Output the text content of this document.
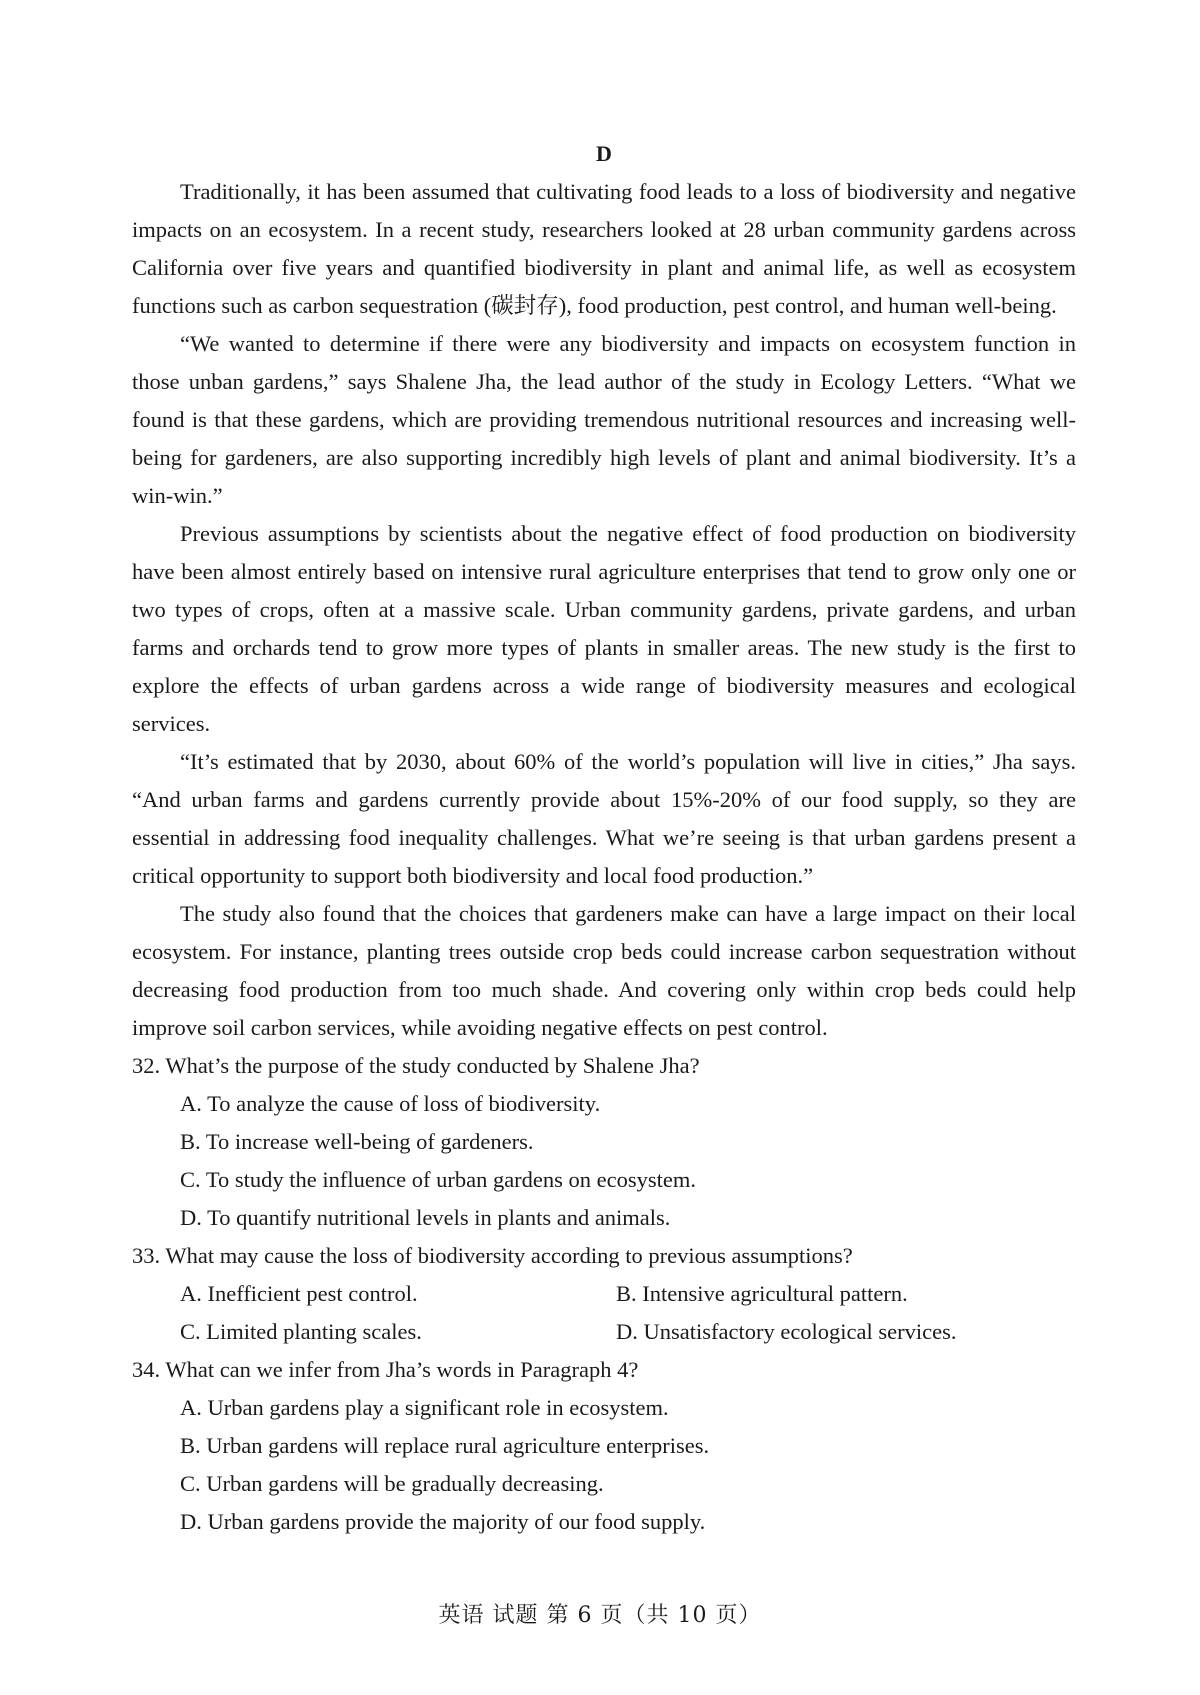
D

Traditionally, it has been assumed that cultivating food leads to a loss of biodiversity and negative impacts on an ecosystem. In a recent study, researchers looked at 28 urban community gardens across California over five years and quantified biodiversity in plant and animal life, as well as ecosystem functions such as carbon sequestration (碳封存), food production, pest control, and human well-being.

“We wanted to determine if there were any biodiversity and impacts on ecosystem function in those unban gardens,” says Shalene Jha, the lead author of the study in Ecology Letters. “What we found is that these gardens, which are providing tremendous nutritional resources and increasing well-being for gardeners, are also supporting incredibly high levels of plant and animal biodiversity. It’s a win-win.”

Previous assumptions by scientists about the negative effect of food production on biodiversity have been almost entirely based on intensive rural agriculture enterprises that tend to grow only one or two types of crops, often at a massive scale. Urban community gardens, private gardens, and urban farms and orchards tend to grow more types of plants in smaller areas. The new study is the first to explore the effects of urban gardens across a wide range of biodiversity measures and ecological services.

“It’s estimated that by 2030, about 60% of the world’s population will live in cities,” Jha says. “And urban farms and gardens currently provide about 15%-20% of our food supply, so they are essential in addressing food inequality challenges. What we’re seeing is that urban gardens present a critical opportunity to support both biodiversity and local food production.”

The study also found that the choices that gardeners make can have a large impact on their local ecosystem. For instance, planting trees outside crop beds could increase carbon sequestration without decreasing food production from too much shade. And covering only within crop beds could help improve soil carbon services, while avoiding negative effects on pest control.

32. What’s the purpose of the study conducted by Shalene Jha?

A. To analyze the cause of loss of biodiversity.

B. To increase well-being of gardeners.

C. To study the influence of urban gardens on ecosystem.

D. To quantify nutritional levels in plants and animals.

33. What may cause the loss of biodiversity according to previous assumptions?

A. Inefficient pest control.	B. Intensive agricultural pattern.

C. Limited planting scales.	D. Unsatisfactory ecological services.

34. What can we infer from Jha’s words in Paragraph 4?

A. Urban gardens play a significant role in ecosystem.

B. Urban gardens will replace rural agriculture enterprises.

C. Urban gardens will be gradually decreasing.

D. Urban gardens provide the majority of our food supply.

英语 试题 第 6 页（共 10 页）
